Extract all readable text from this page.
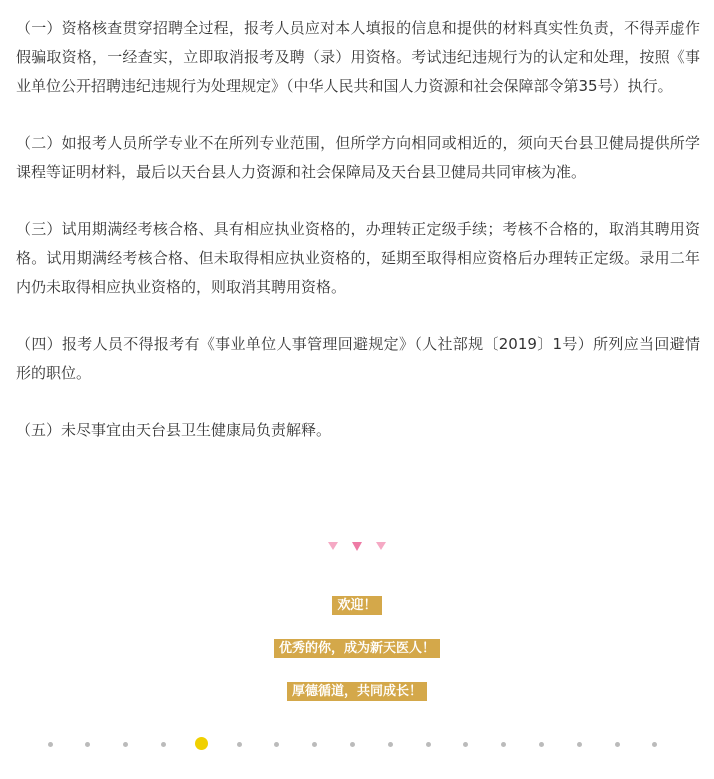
（一）资格核查贯穿招聘全过程，报考人员应对本人填报的信息和提供的材料真实性负责，不得弄虚作假骗取资格，一经查实，立即取消报考及聘（录）用资格。考试违纪违规行为的认定和处理，按照《事业单位公开招聘违纪违规行为处理规定》（中华人民共和国人力资源和社会保障部令第35号）执行。

（二）如报考人员所学专业不在所列专业范围，但所学方向相同或相近的，须向天台县卫健局提供所学课程等证明材料，最后以天台县人力资源和社会保障局及天台县卫健局共同审核为准。

（三）试用期满经考核合格、具有相应执业资格的，办理转正定级手续；考核不合格的，取消其聘用资格。试用期满经考核合格、但未取得相应执业资格的，延期至取得相应资格后办理转正定级。录用二年内仍未取得相应执业资格的，则取消其聘用资格。

（四）报考人员不得报考有《事业单位人事管理回避规定》（人社部规〔2019〕1号）所列应当回避情形的职位。

（五）未尽事宜由天台县卫生健康局负责解释。

欢迎！
优秀的你，成为新天医人！
厚德循道，共同成长！
